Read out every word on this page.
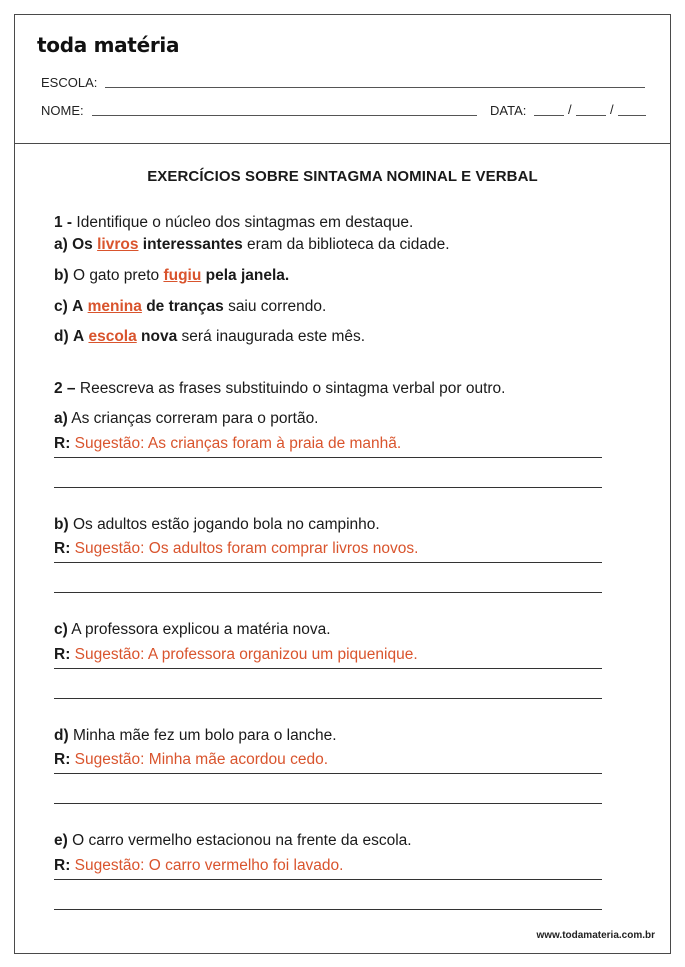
toda matéria
ESCOLA:
NOME:	DATA:	/	/
EXERCÍCIOS SOBRE SINTAGMA NOMINAL E VERBAL
1 - Identifique o núcleo dos sintagmas em destaque.
a) Os livros interessantes eram da biblioteca da cidade.
b) O gato preto fugiu pela janela.
c) A menina de tranças saiu correndo.
d) A escola nova será inaugurada este mês.
2 – Reescreva as frases substituindo o sintagma verbal por outro.
a) As crianças correram para o portão.
R: Sugestão: As crianças foram à praia de manhã.
b) Os adultos estão jogando bola no campinho.
R: Sugestão: Os adultos foram comprar livros novos.
c) A professora explicou a matéria nova.
R: Sugestão: A professora organizou um piquenique.
d) Minha mãe fez um bolo para o lanche.
R: Sugestão: Minha mãe acordou cedo.
e) O carro vermelho estacionou na frente da escola.
R: Sugestão: O carro vermelho foi lavado.
www.todamateria.com.br
